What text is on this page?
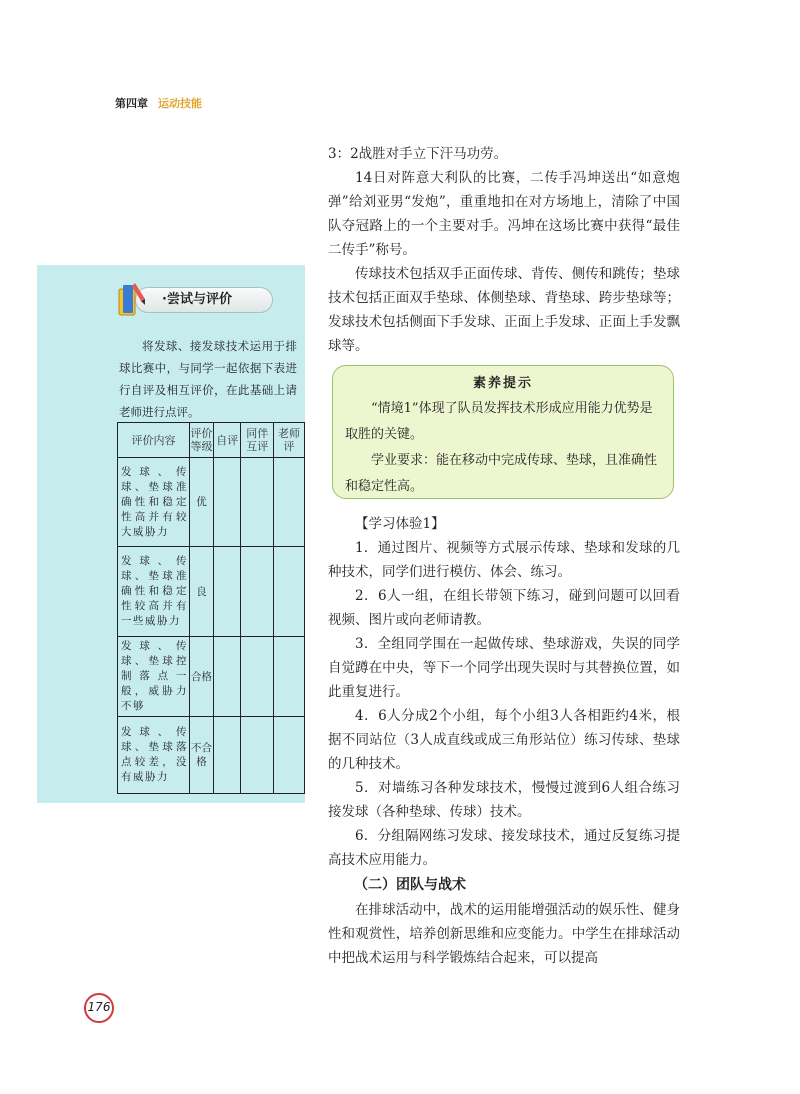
第四章 运动技能

3：2战胜对手立下汗马功劳。

14日对阵意大利队的比赛，二传手冯坤送出“如意炮弹”给刘亚男“发炮”，重重地扣在对方场地上，清除了中国队夺冠路上的一个主要对手。冯坤在这场比赛中获得“最佳二传手”称号。

传球技术包括双手正面传球、背传、侧传和跳传；垫球技术包括正面双手垫球、体侧垫球、背垫球、跨步垫球等；发球技术包括侧面下手发球、正面上手发球、正面上手发飘球等。

素养提示

“情境1”体现了队员发挥技术形成应用能力优势是取胜的关键。

学业要求：能在移动中完成传球、垫球，且准确性和稳定性高。

【学习体验1】

1．通过图片、视频等方式展示传球、垫球和发球的几种技术，同学们进行模仿、体会、练习。

2．6人一组，在组长带领下练习，碰到问题可以回看视频、图片或向老师请教。

3．全组同学围在一起做传球、垫球游戏，失误的同学自觉蹲在中央，等下一个同学出现失误时与其替换位置，如此重复进行。

4．6人分成2个小组，每个小组3人各相距约4米，根据不同站位（3人成直线或成三角形站位）练习传球、垫球的几种技术。

5．对墙练习各种发球技术，慢慢过渡到6人组合练习接发球（各种垫球、传球）技术。

6．分组隔网练习发球、接发球技术，通过反复练习提高技术应用能力。

（二）团队与战术

在排球活动中，战术的运用能增强活动的娱乐性、健身性和观赏性，培养创新思维和应变能力。中学生在排球活动中把战术运用与科学锻炼结合起来，可以提高

·尝试与评价

将发球、接发球技术运用于排球比赛中，与同学一起依据下表进行自评及相互评价，在此基础上请老师进行点评。

评价内容	评价等级	自评	同伴互评	老师评
发球、传球、垫球准确性和稳定性高并有较大威胁力	优			
发球、传球、垫球准确性和稳定性较高并有一些威胁力	良			
发球、传球、垫球控制落点一般，威胁力不够	合格			
发球、传球、垫球落点较差，没有威胁力	不合格			
176
